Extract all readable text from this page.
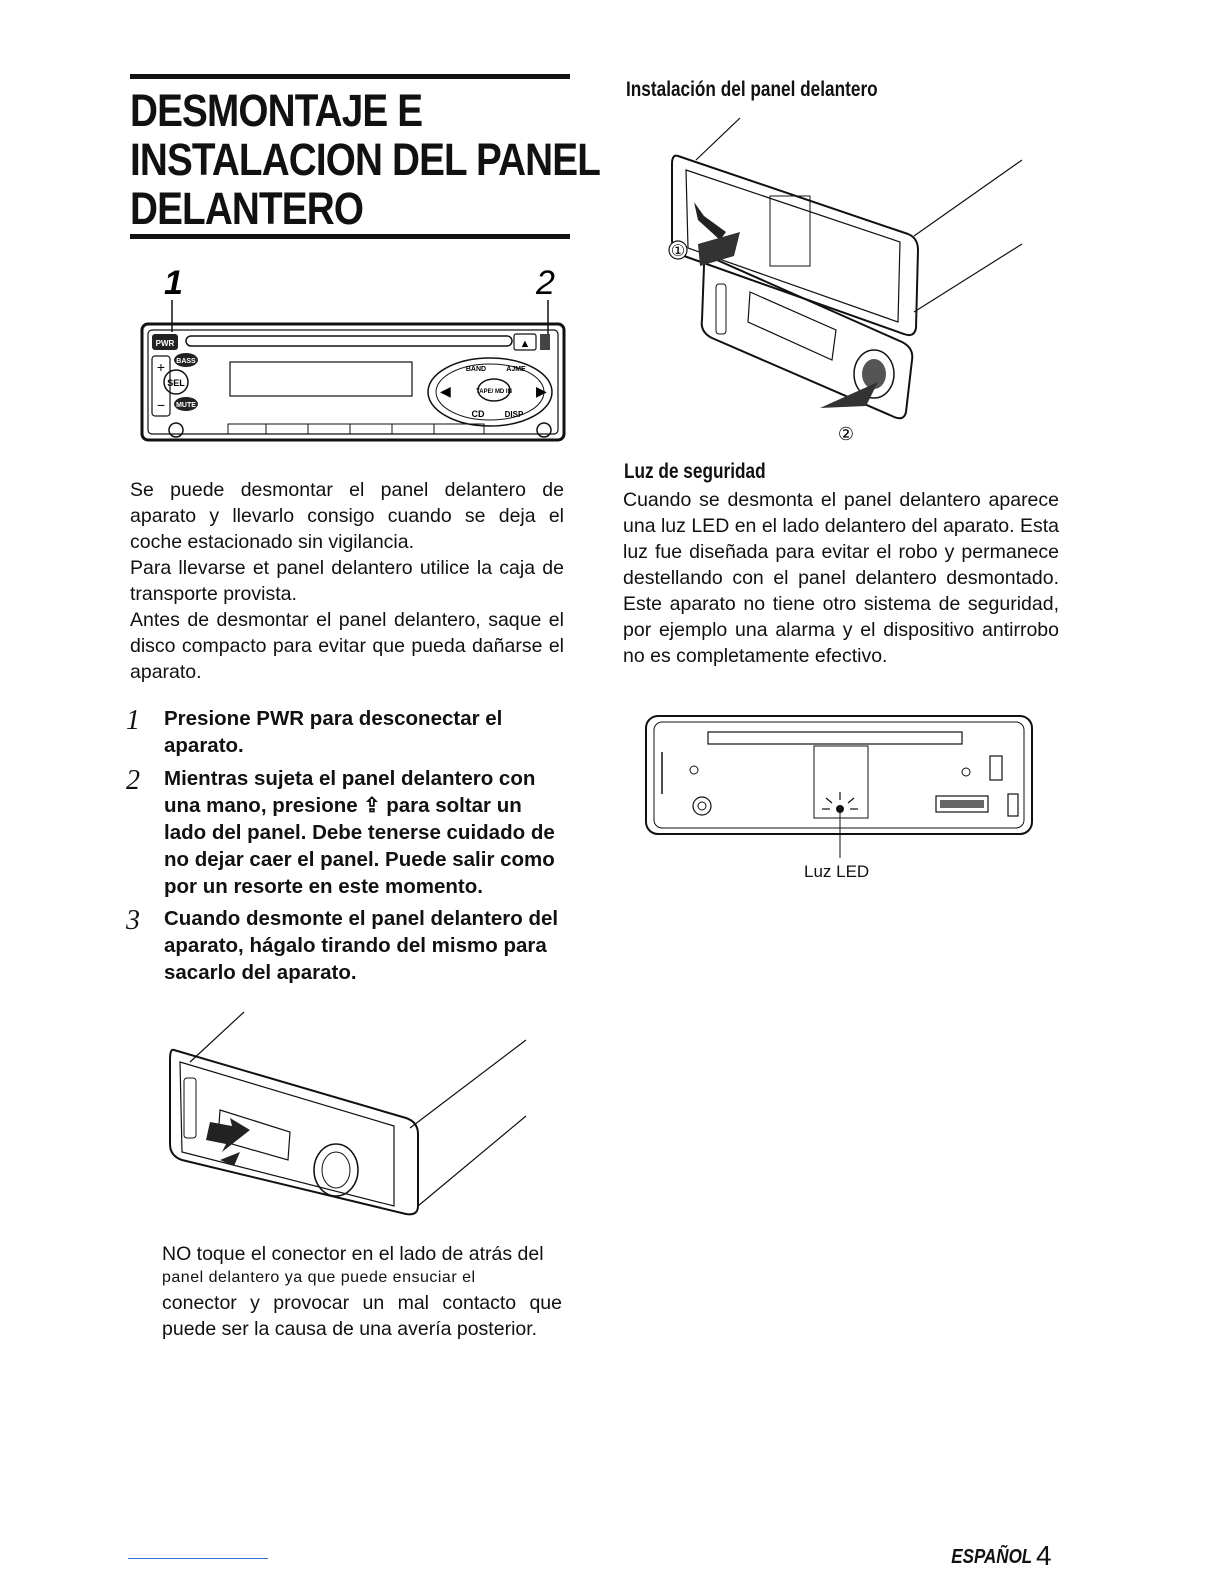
DESMONTAJE E
INSTALACION DEL PANEL
DELANTERO
1	2
PWR	▲
+
−
BASS
SEL
MUTE
TAPE/ MD IN
BAND	AJME
CD	DISP
◀	▶

Se puede desmontar el panel delantero de aparato y llevarlo consigo cuando se deja el coche estacionado sin vigilancia.

Para llevarse et panel delantero utilice la caja de transporte provista.

Antes de desmontar el panel delantero, saque el disco compacto para evitar que pueda dañarse el aparato.

1 Presione PWR para desconectar el aparato.
2 Mientras sujeta el panel delantero con una mano, presione ⇪ para soltar un lado del panel. Debe tenerse cuidado de no dejar caer el panel. Puede salir como por un resorte en este momento.
3 Cuando desmonte el panel delantero del aparato, hágalo tirando del mismo para sacarlo del aparato.
NO toque el conector en el lado de atrás del
panel delantero ya que puede ensuciar el
conector y provocar un mal contacto que puede ser la causa de una avería posterior.
Instalación del panel delantero
①
②
Luz de seguridad
Cuando se desmonta el panel delantero aparece una luz LED en el lado delantero del aparato. Esta luz fue diseñada para evitar el robo y permanece destellando con el panel delantero desmontado. Este aparato no tiene otro sistema de seguridad, por ejemplo una alarma y el dispositivo antirrobo no es completamente efectivo.
Luz LED
ESPAÑOL 4
